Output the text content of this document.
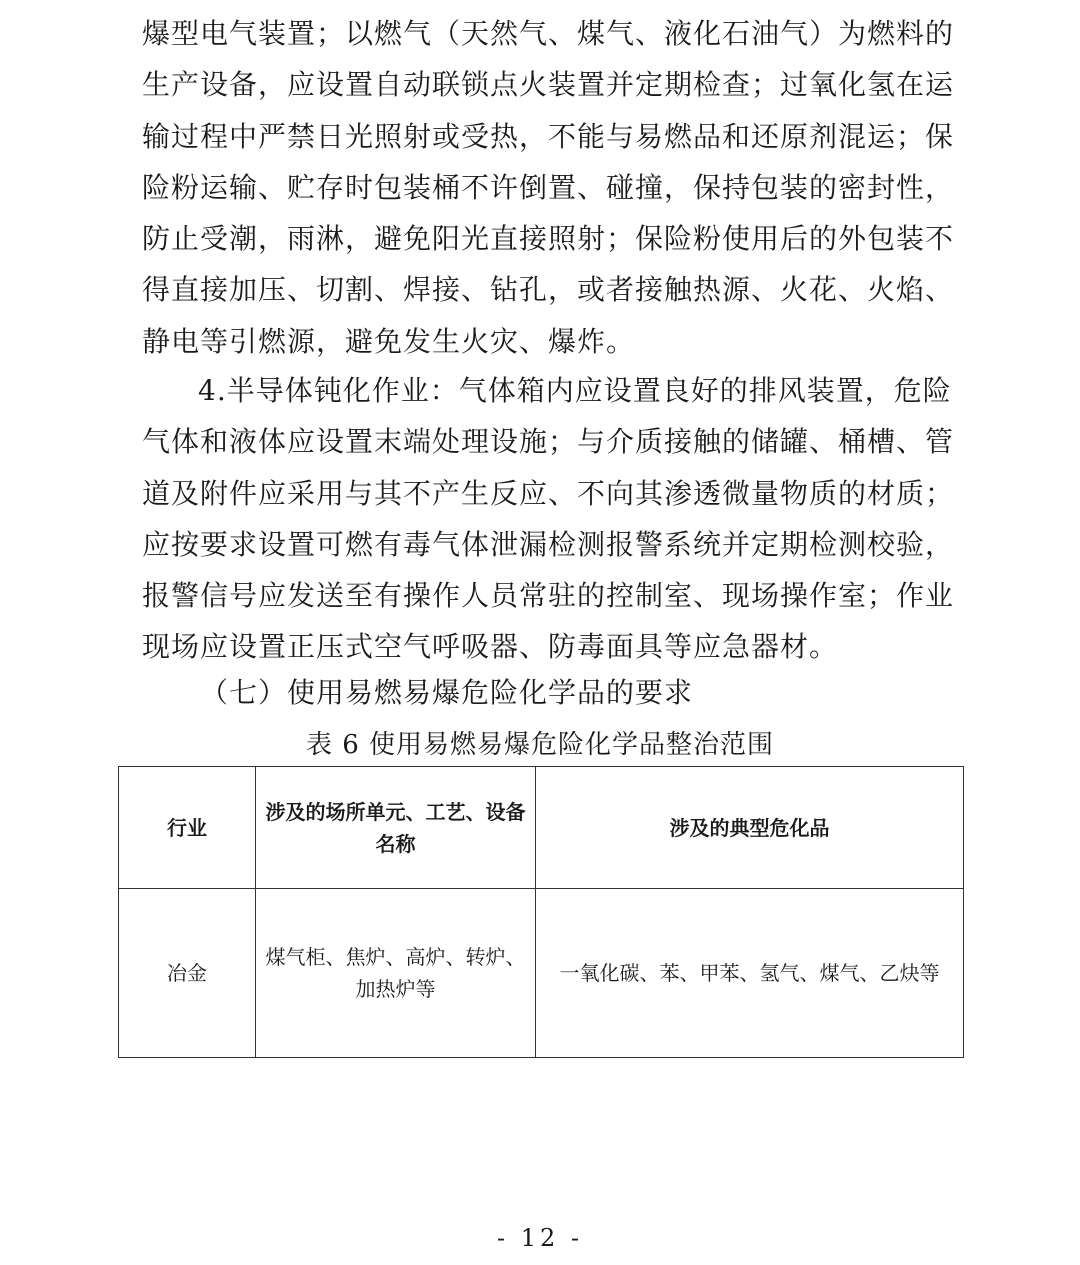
爆型电气装置；以燃气（天然气、煤气、液化石油气）为燃料的
生产设备，应设置自动联锁点火装置并定期检查；过氧化氢在运
输过程中严禁日光照射或受热，不能与易燃品和还原剂混运；保
险粉运输、贮存时包装桶不许倒置、碰撞，保持包装的密封性，
防止受潮，雨淋，避免阳光直接照射；保险粉使用后的外包装不
得直接加压、切割、焊接、钻孔，或者接触热源、火花、火焰、
静电等引燃源，避免发生火灾、爆炸。
4.半导体钝化作业：气体箱内应设置良好的排风装置，危险
气体和液体应设置末端处理设施；与介质接触的储罐、桶槽、管
道及附件应采用与其不产生反应、不向其渗透微量物质的材质；
应按要求设置可燃有毒气体泄漏检测报警系统并定期检测校验，
报警信号应发送至有操作人员常驻的控制室、现场操作室；作业
现场应设置正压式空气呼吸器、防毒面具等应急器材。
（七）使用易燃易爆危险化学品的要求

表 6 使用易燃易爆危险化学品整治范围

行业	涉及的场所单元、工艺、设备名称	涉及的典型危化品
冶金	煤气柜、焦炉、高炉、转炉、加热炉等	一氧化碳、苯、甲苯、氢气、煤气、乙炔等

- 12 -
